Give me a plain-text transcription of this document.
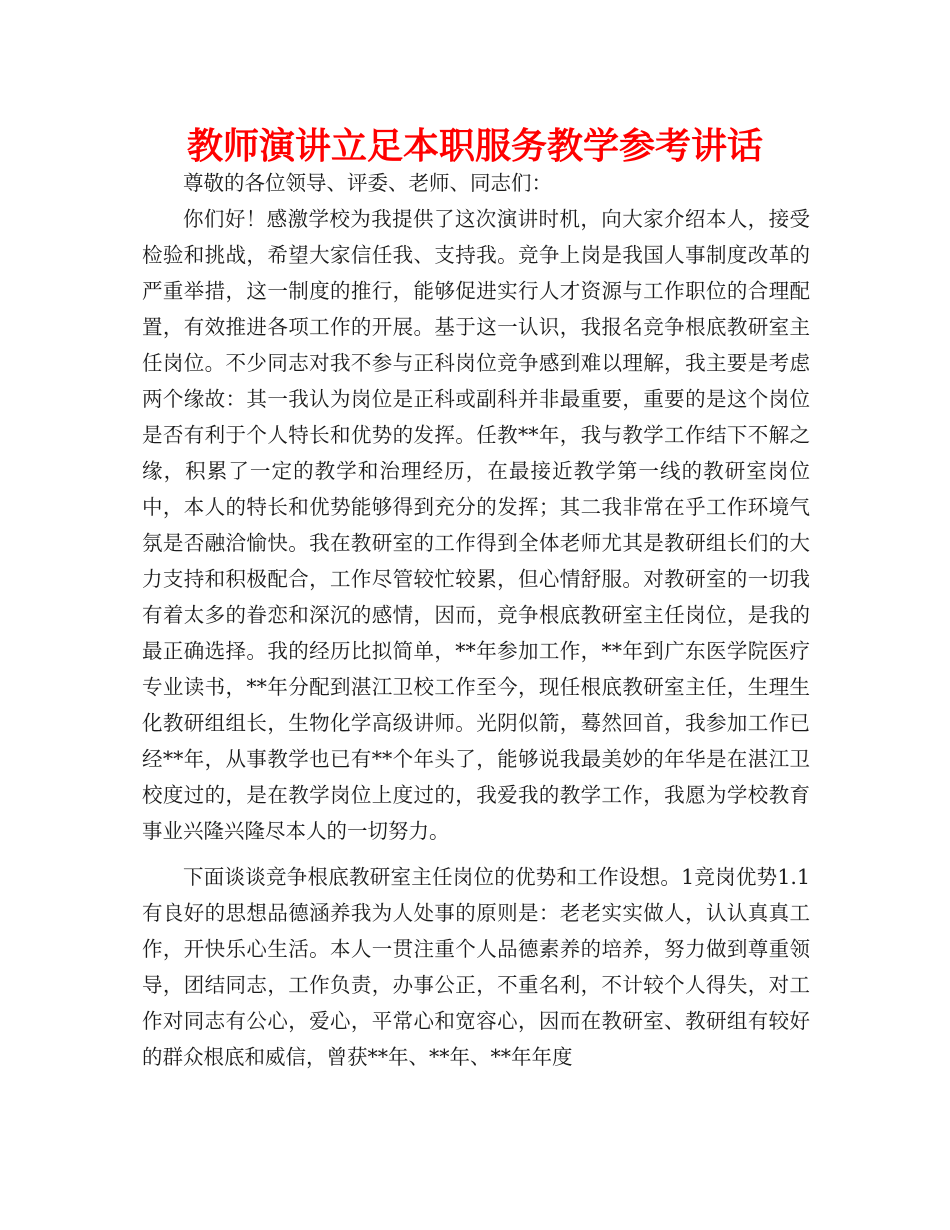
教师演讲立足本职服务教学参考讲话

尊敬的各位领导、评委、老师、同志们：

你们好！感激学校为我提供了这次演讲时机，向大家介绍本人，接受检验和挑战，希望大家信任我、支持我。竞争上岗是我国人事制度改革的严重举措，这一制度的推行，能够促进实行人才资源与工作职位的合理配置，有效推进各项工作的开展。基于这一认识，我报名竞争根底教研室主任岗位。不少同志对我不参与正科岗位竞争感到难以理解，我主要是考虑两个缘故：其一我认为岗位是正科或副科并非最重要，重要的是这个岗位是否有利于个人特长和优势的发挥。任教**年，我与教学工作结下不解之缘，积累了一定的教学和治理经历，在最接近教学第一线的教研室岗位中，本人的特长和优势能够得到充分的发挥；其二我非常在乎工作环境气氛是否融洽愉快。我在教研室的工作得到全体老师尤其是教研组长们的大力支持和积极配合，工作尽管较忙较累，但心情舒服。对教研室的一切我有着太多的眷恋和深沉的感情，因而，竞争根底教研室主任岗位，是我的最正确选择。我的经历比拟简单，**年参加工作，**年到广东医学院医疗专业读书，**年分配到湛江卫校工作至今，现任根底教研室主任，生理生化教研组组长，生物化学高级讲师。光阴似箭，蓦然回首，我参加工作已经**年，从事教学也已有**个年头了，能够说我最美妙的年华是在湛江卫校度过的，是在教学岗位上度过的，我爱我的教学工作，我愿为学校教育事业兴隆兴隆尽本人的一切努力。

下面谈谈竞争根底教研室主任岗位的优势和工作设想。1竞岗优势1.1有良好的思想品德涵养我为人处事的原则是：老老实实做人，认认真真工作，开快乐心生活。本人一贯注重个人品德素养的培养，努力做到尊重领导，团结同志，工作负责，办事公正，不重名利，不计较个人得失，对工作对同志有公心，爱心，平常心和宽容心，因而在教研室、教研组有较好的群众根底和威信，曾获**年、**年、**年年度
